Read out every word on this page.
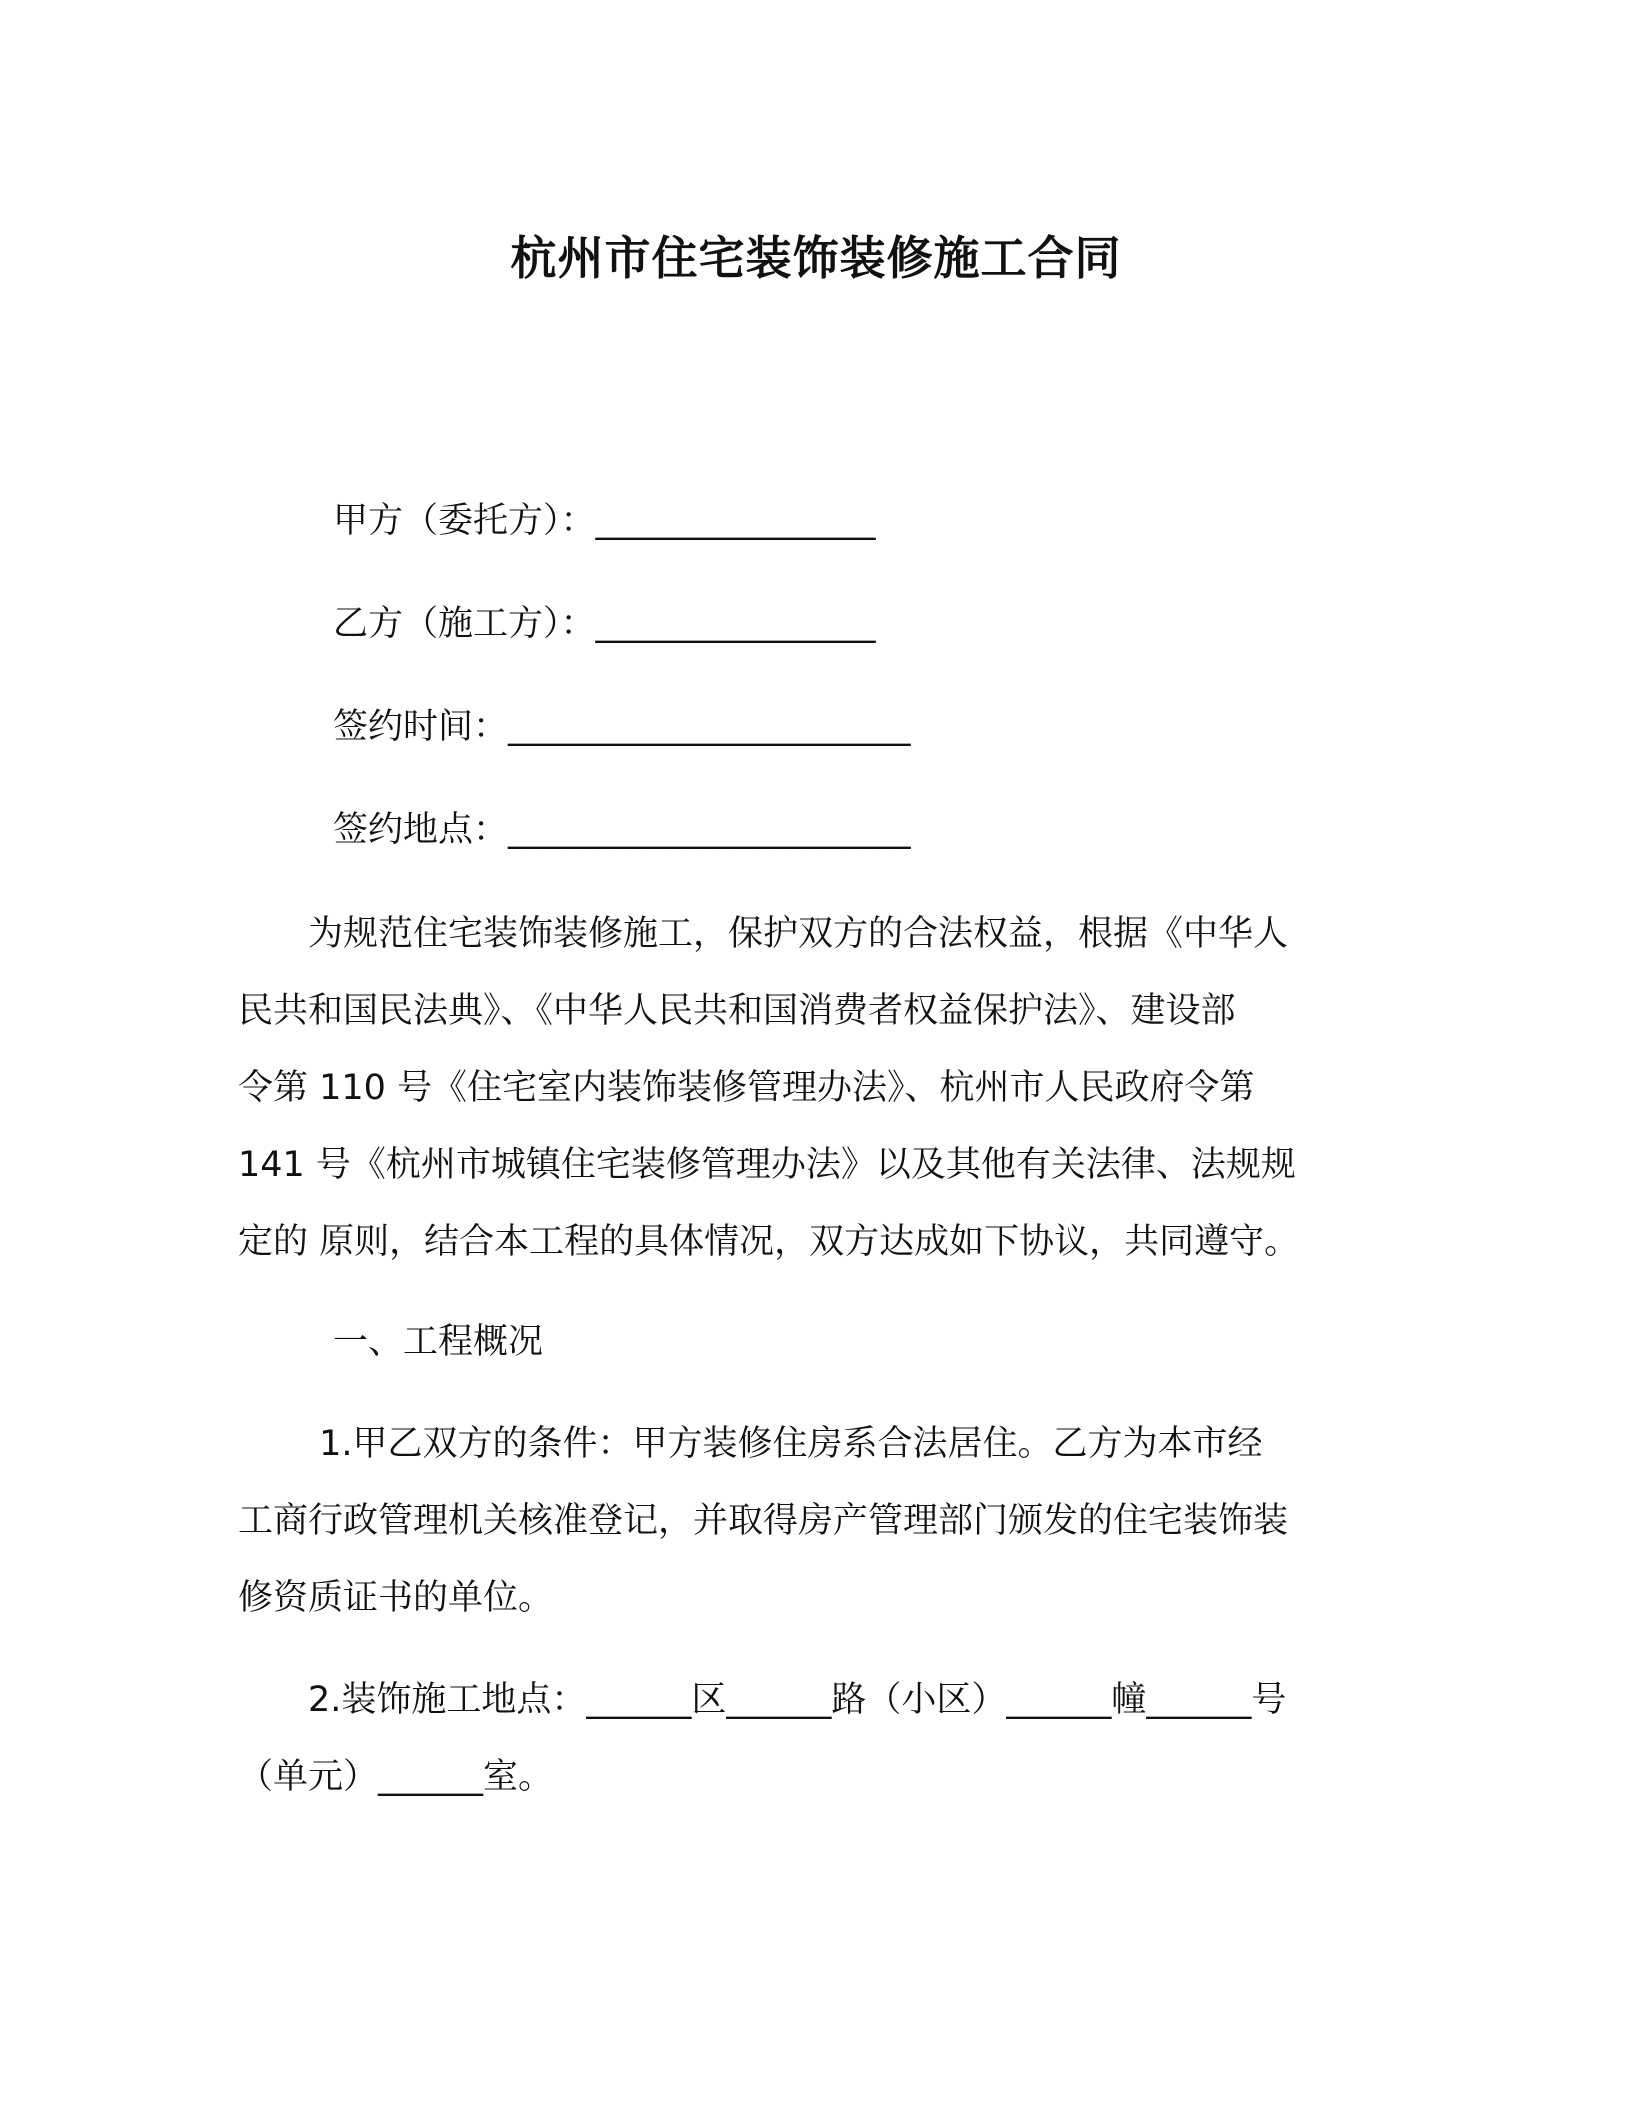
杭州市住宅装饰装修施工合同
甲方（委托方）：________________
乙方（施工方）：________________
签约时间：_______________________
签约地点：_______________________
　　为规范住宅装饰装修施工，保护双方的合法权益，根据《中华人
民共和国民法典》、《中华人民共和国消费者权益保护法》、建设部
令第 110 号《住宅室内装饰装修管理办法》、杭州市人民政府令第
141 号《杭州市城镇住宅装修管理办法》以及其他有关法律、法规规
定的 原则，结合本工程的具体情况，双方达成如下协议，共同遵守。
一、工程概况
　　 1.甲乙双方的条件：甲方装修住房系合法居住。乙方为本市经
工商行政管理机关核准登记，并取得房产管理部门颁发的住宅装饰装
修资质证书的单位。
　　2.装饰施工地点：______区______路（小区）______幢______号
（单元）______室。
